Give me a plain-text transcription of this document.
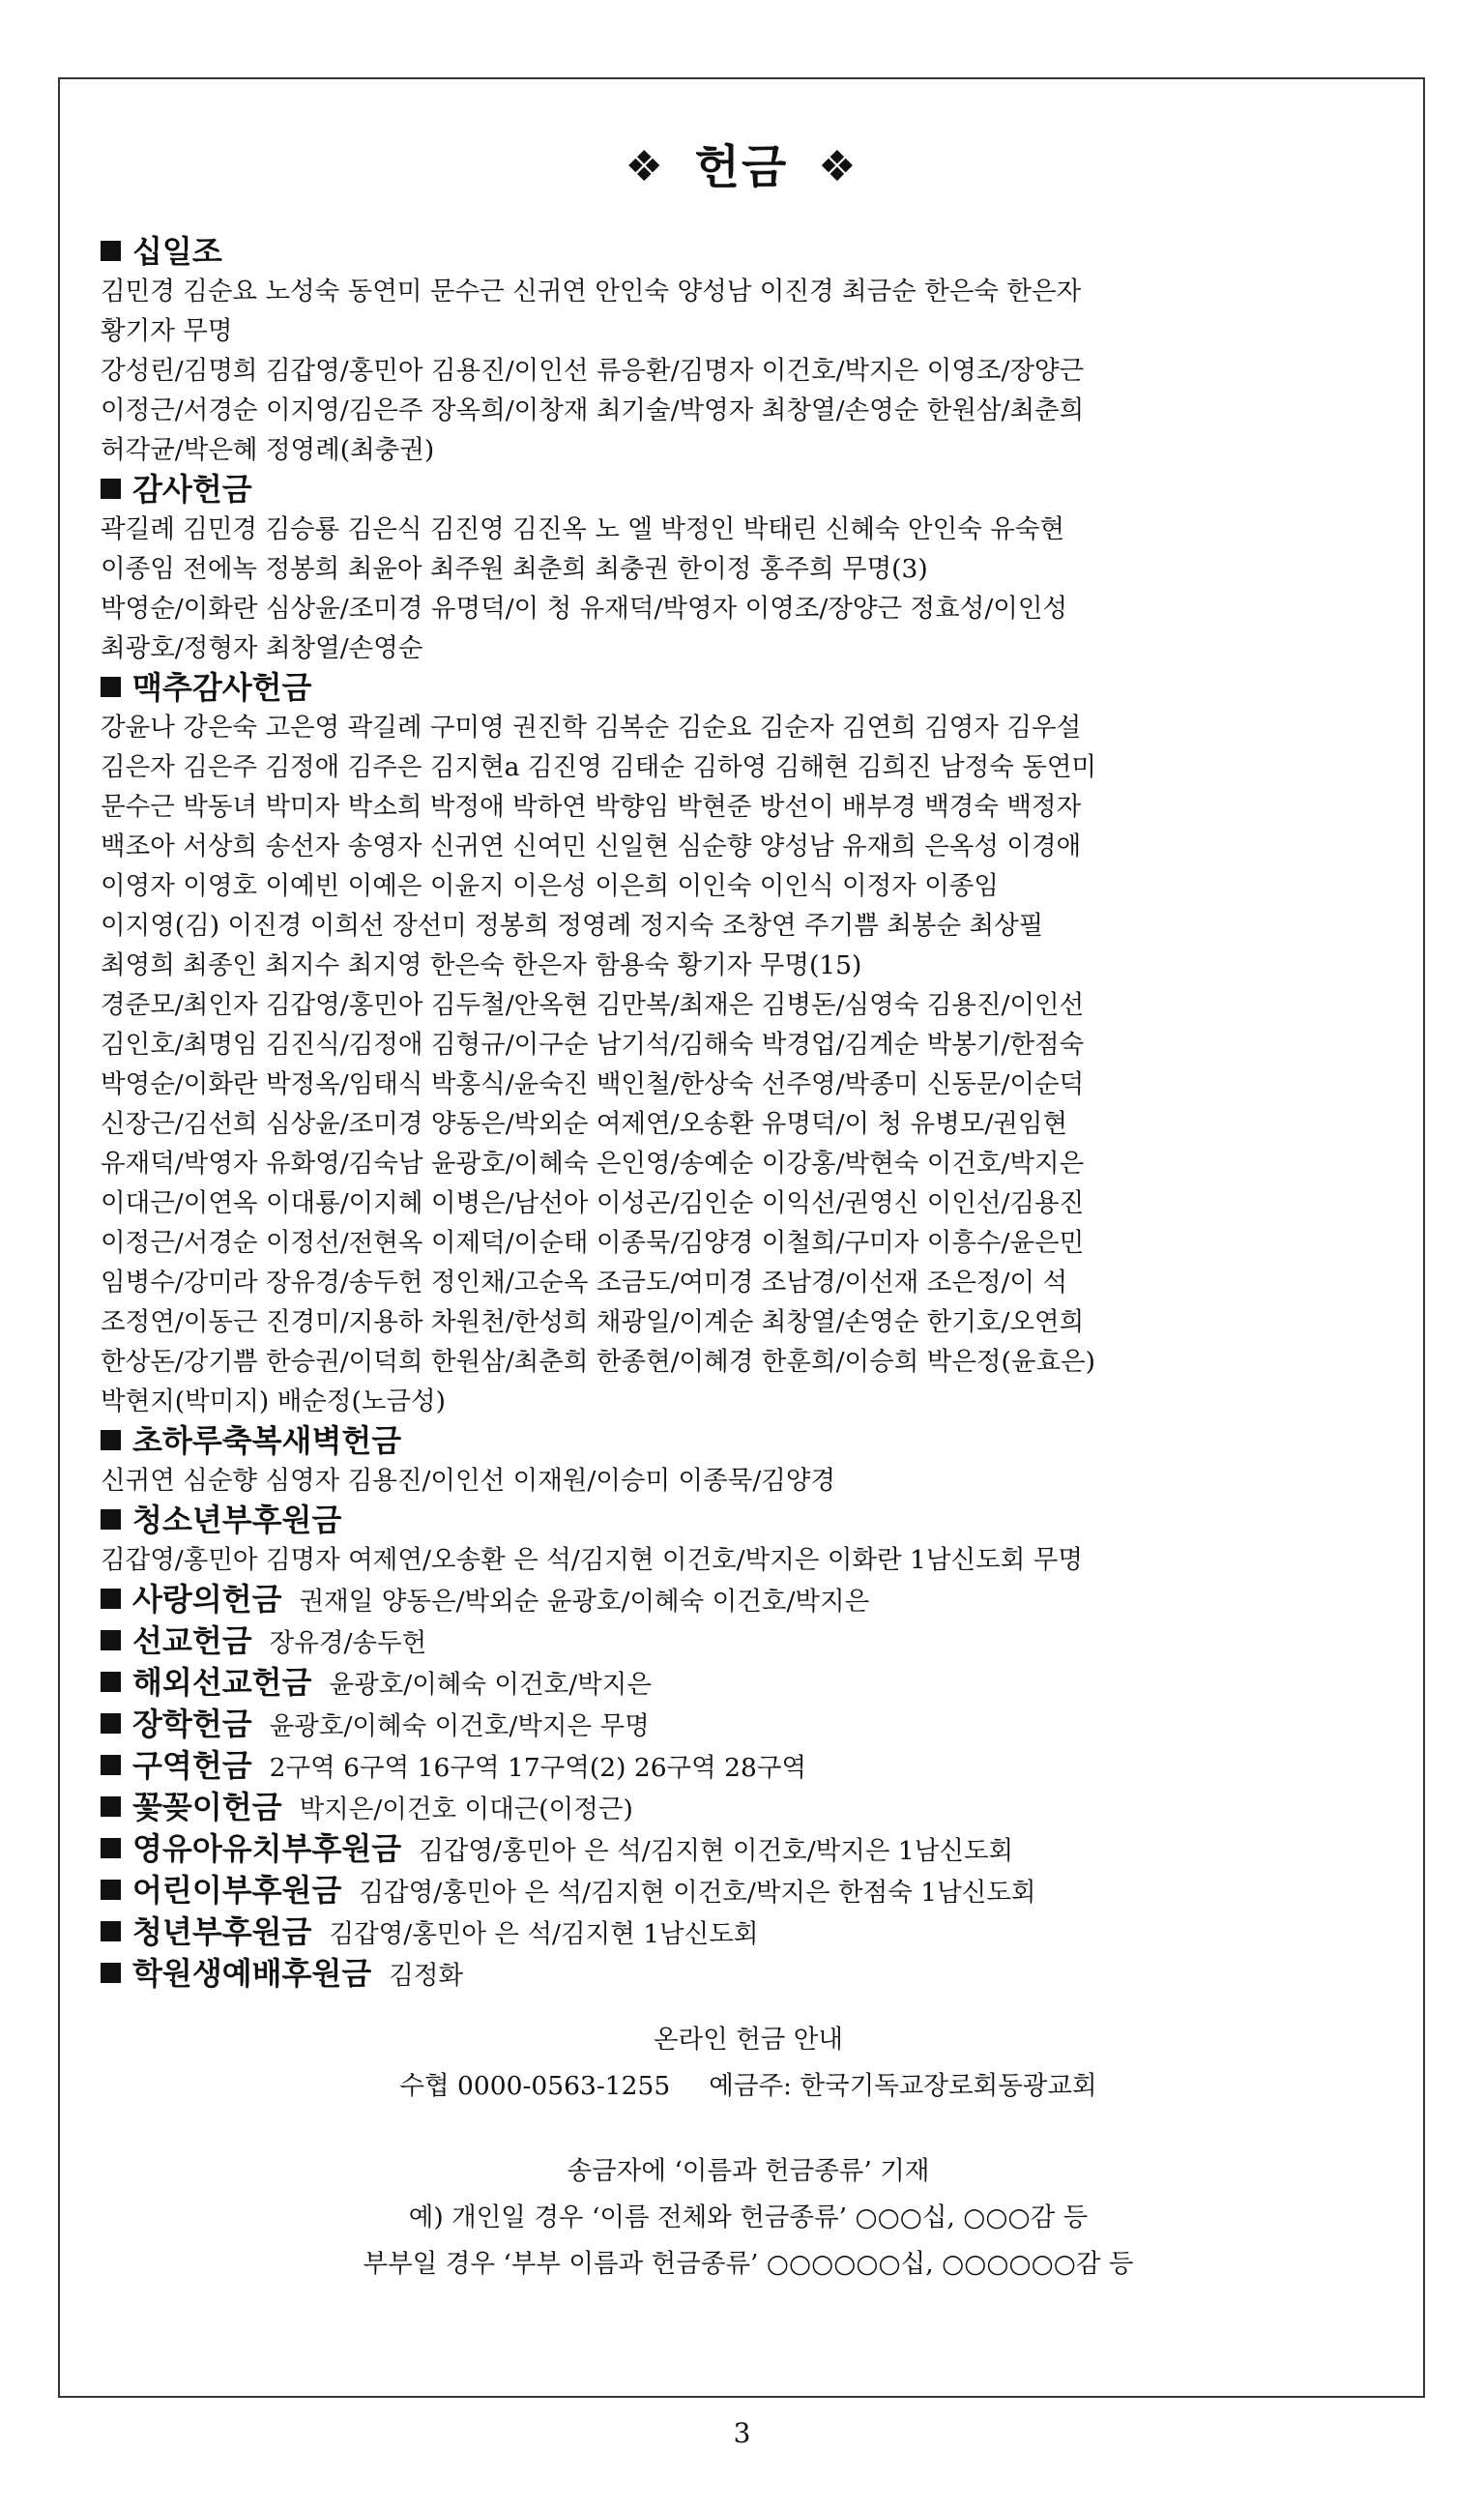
❖ 헌금 ❖
십일조
김민경 김순요 노성숙 동연미 문수근 신귀연 안인숙 양성남 이진경 최금순 한은숙 한은자
황기자 무명
강성린/김명희 김갑영/홍민아 김용진/이인선 류응환/김명자 이건호/박지은 이영조/장양근
이정근/서경순 이지영/김은주 장옥희/이창재 최기술/박영자 최창열/손영순 한원삼/최춘희
허각균/박은혜 정영례(최충권)
감사헌금
곽길례 김민경 김승룡 김은식 김진영 김진옥 노 엘 박정인 박태린 신혜숙 안인숙 유숙현
이종임 전에녹 정봉희 최윤아 최주원 최춘희 최충권 한이정 홍주희 무명(3)
박영순/이화란 심상윤/조미경 유명덕/이 청 유재덕/박영자 이영조/장양근 정효성/이인성
최광호/정형자 최창열/손영순
맥추감사헌금
강윤나 강은숙 고은영 곽길례 구미영 권진학 김복순 김순요 김순자 김연희 김영자 김우설
김은자 김은주 김정애 김주은 김지현a 김진영 김태순 김하영 김해현 김희진 남정숙 동연미
문수근 박동녀 박미자 박소희 박정애 박하연 박향임 박현준 방선이 배부경 백경숙 백정자
백조아 서상희 송선자 송영자 신귀연 신여민 신일현 심순향 양성남 유재희 은옥성 이경애
이영자 이영호 이예빈 이예은 이윤지 이은성 이은희 이인숙 이인식 이정자 이종임
이지영(김) 이진경 이희선 장선미 정봉희 정영례 정지숙 조창연 주기쁨 최봉순 최상필
최영희 최종인 최지수 최지영 한은숙 한은자 함용숙 황기자 무명(15)
경준모/최인자 김갑영/홍민아 김두철/안옥현 김만복/최재은 김병돈/심영숙 김용진/이인선
김인호/최명임 김진식/김정애 김형규/이구순 남기석/김해숙 박경업/김계순 박봉기/한점숙
박영순/이화란 박정옥/임태식 박홍식/윤숙진 백인철/한상숙 선주영/박종미 신동문/이순덕
신장근/김선희 심상윤/조미경 양동은/박외순 여제연/오송환 유명덕/이 청 유병모/권임현
유재덕/박영자 유화영/김숙남 윤광호/이혜숙 은인영/송예순 이강홍/박현숙 이건호/박지은
이대근/이연옥 이대룡/이지혜 이병은/남선아 이성곤/김인순 이익선/권영신 이인선/김용진
이정근/서경순 이정선/전현옥 이제덕/이순태 이종묵/김양경 이철희/구미자 이흥수/윤은민
임병수/강미라 장유경/송두헌 정인채/고순옥 조금도/여미경 조남경/이선재 조은정/이 석
조정연/이동근 진경미/지용하 차원천/한성희 채광일/이계순 최창열/손영순 한기호/오연희
한상돈/강기쁨 한승권/이덕희 한원삼/최춘희 한종현/이혜경 한훈희/이승희 박은정(윤효은)
박현지(박미지) 배순정(노금성)
초하루축복새벽헌금
신귀연 심순향 심영자 김용진/이인선 이재원/이승미 이종묵/김양경
청소년부후원금
김갑영/홍민아 김명자 여제연/오송환 은 석/김지현 이건호/박지은 이화란 1남신도회 무명
사랑의헌금 권재일 양동은/박외순 윤광호/이혜숙 이건호/박지은
선교헌금 장유경/송두헌
해외선교헌금 윤광호/이혜숙 이건호/박지은
장학헌금 윤광호/이혜숙 이건호/박지은 무명
구역헌금 2구역 6구역 16구역 17구역(2) 26구역 28구역
꽃꽂이헌금 박지은/이건호 이대근(이정근)
영유아유치부후원금 김갑영/홍민아 은 석/김지현 이건호/박지은 1남신도회
어린이부후원금 김갑영/홍민아 은 석/김지현 이건호/박지은 한점숙 1남신도회
청년부후원금 김갑영/홍민아 은 석/김지현 1남신도회
학원생예배후원금 김정화
온라인 헌금 안내
수협 0000-0563-1255 예금주: 한국기독교장로회동광교회
송금자에 ‘이름과 헌금종류’ 기재
예) 개인일 경우 ‘이름 전체와 헌금종류’ ○○○십, ○○○감 등
부부일 경우 ‘부부 이름과 헌금종류’ ○○○○○○십, ○○○○○○감 등
3
